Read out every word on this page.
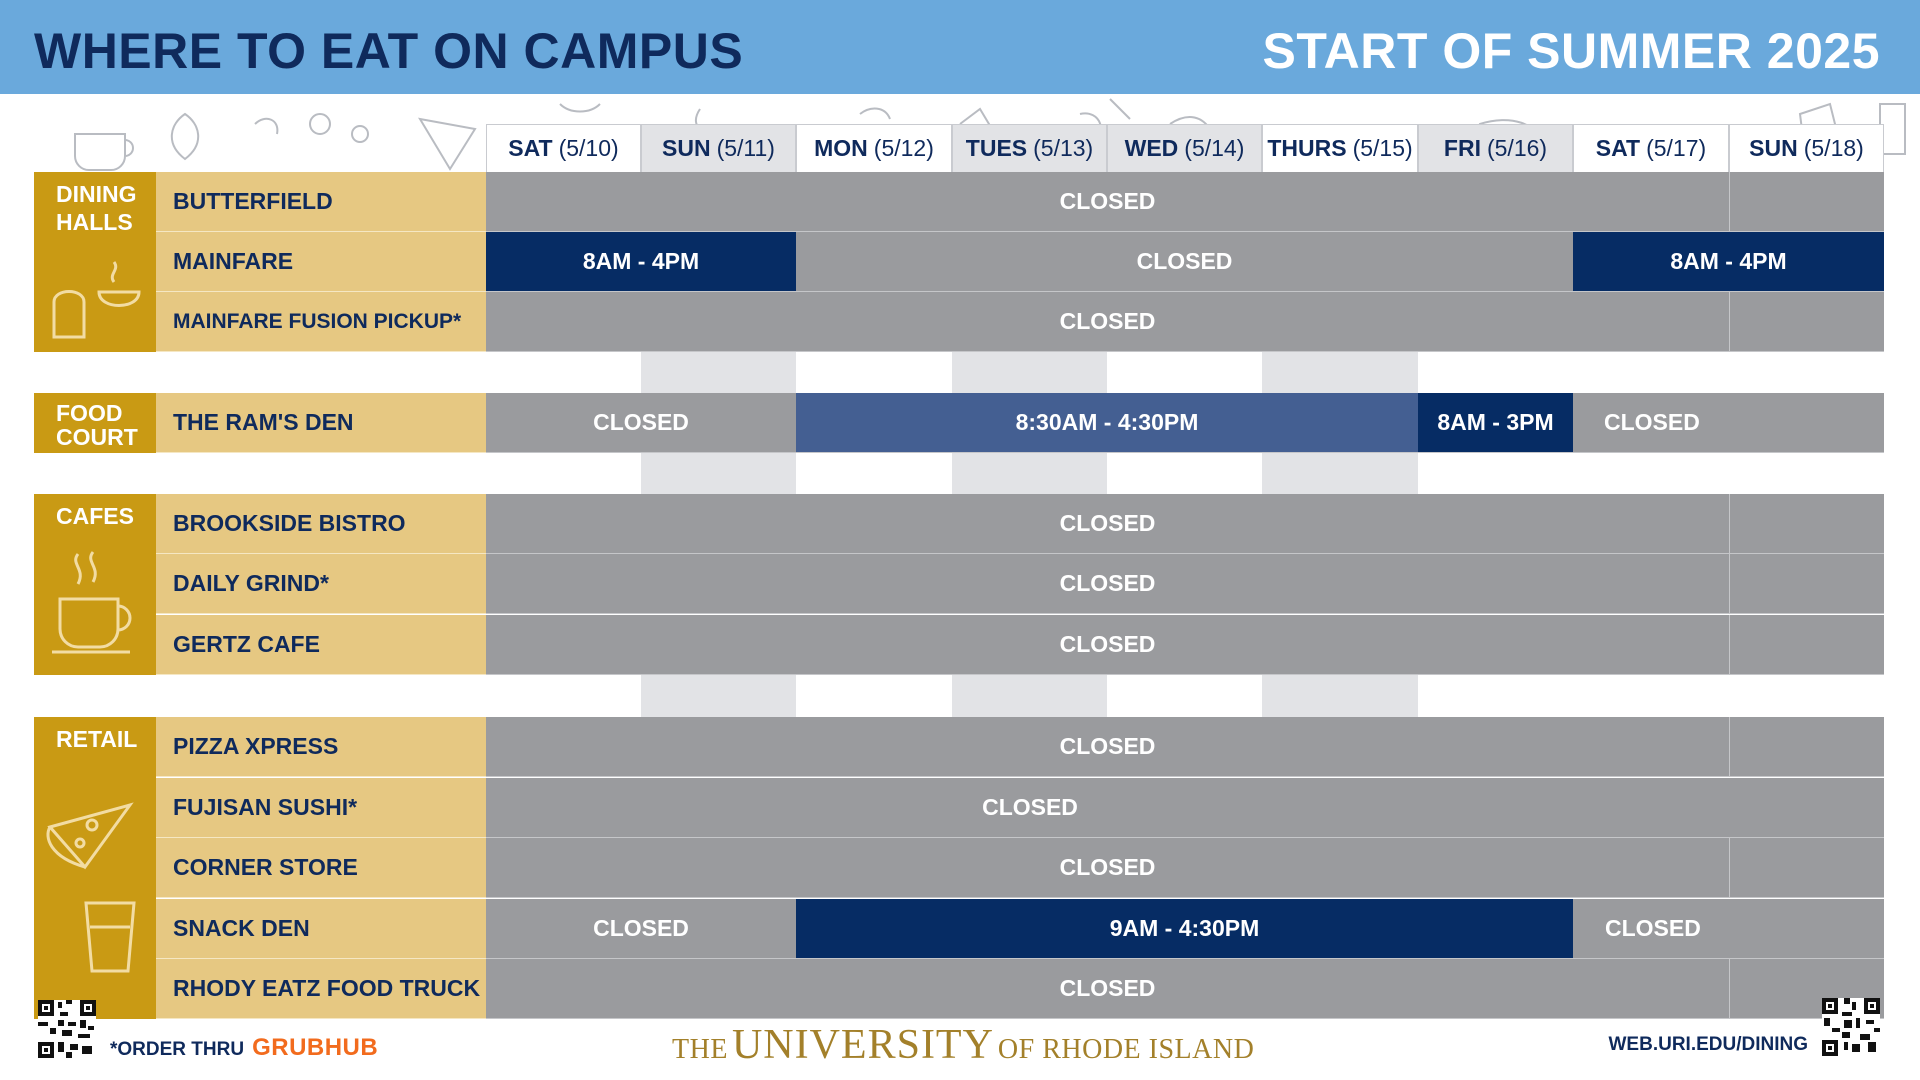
WHERE TO EAT ON CAMPUS	START OF SUMMER 2025
SAT (5/10) SUN (5/11) MON (5/12) TUES (5/13) WED (5/14) THURS (5/15) FRI (5/16) SAT (5/17) SUN (5/18)
DINING HALLS
BUTTERFIELD	CLOSED
MAINFARE	8AM - 4PM	CLOSED	8AM - 4PM
MAINFARE FUSION PICKUP*	CLOSED
FOOD COURT
THE RAM'S DEN	CLOSED	8:30AM - 4:30PM	8AM - 3PM	CLOSED
CAFES	BROOKSIDE BISTRO	CLOSED
DAILY GRIND*	CLOSED
GERTZ CAFE	CLOSED
RETAIL	PIZZA XPRESS	CLOSED
FUJISAN SUSHI*	CLOSED
CORNER STORE	CLOSED
SNACK DEN	CLOSED	9AM - 4:30PM	CLOSED
RHODY EATZ FOOD TRUCK	CLOSED
*ORDER THRU GRUBHUB	THE UNIVERSITY OF RHODE ISLAND	WEB.URI.EDU/DINING
